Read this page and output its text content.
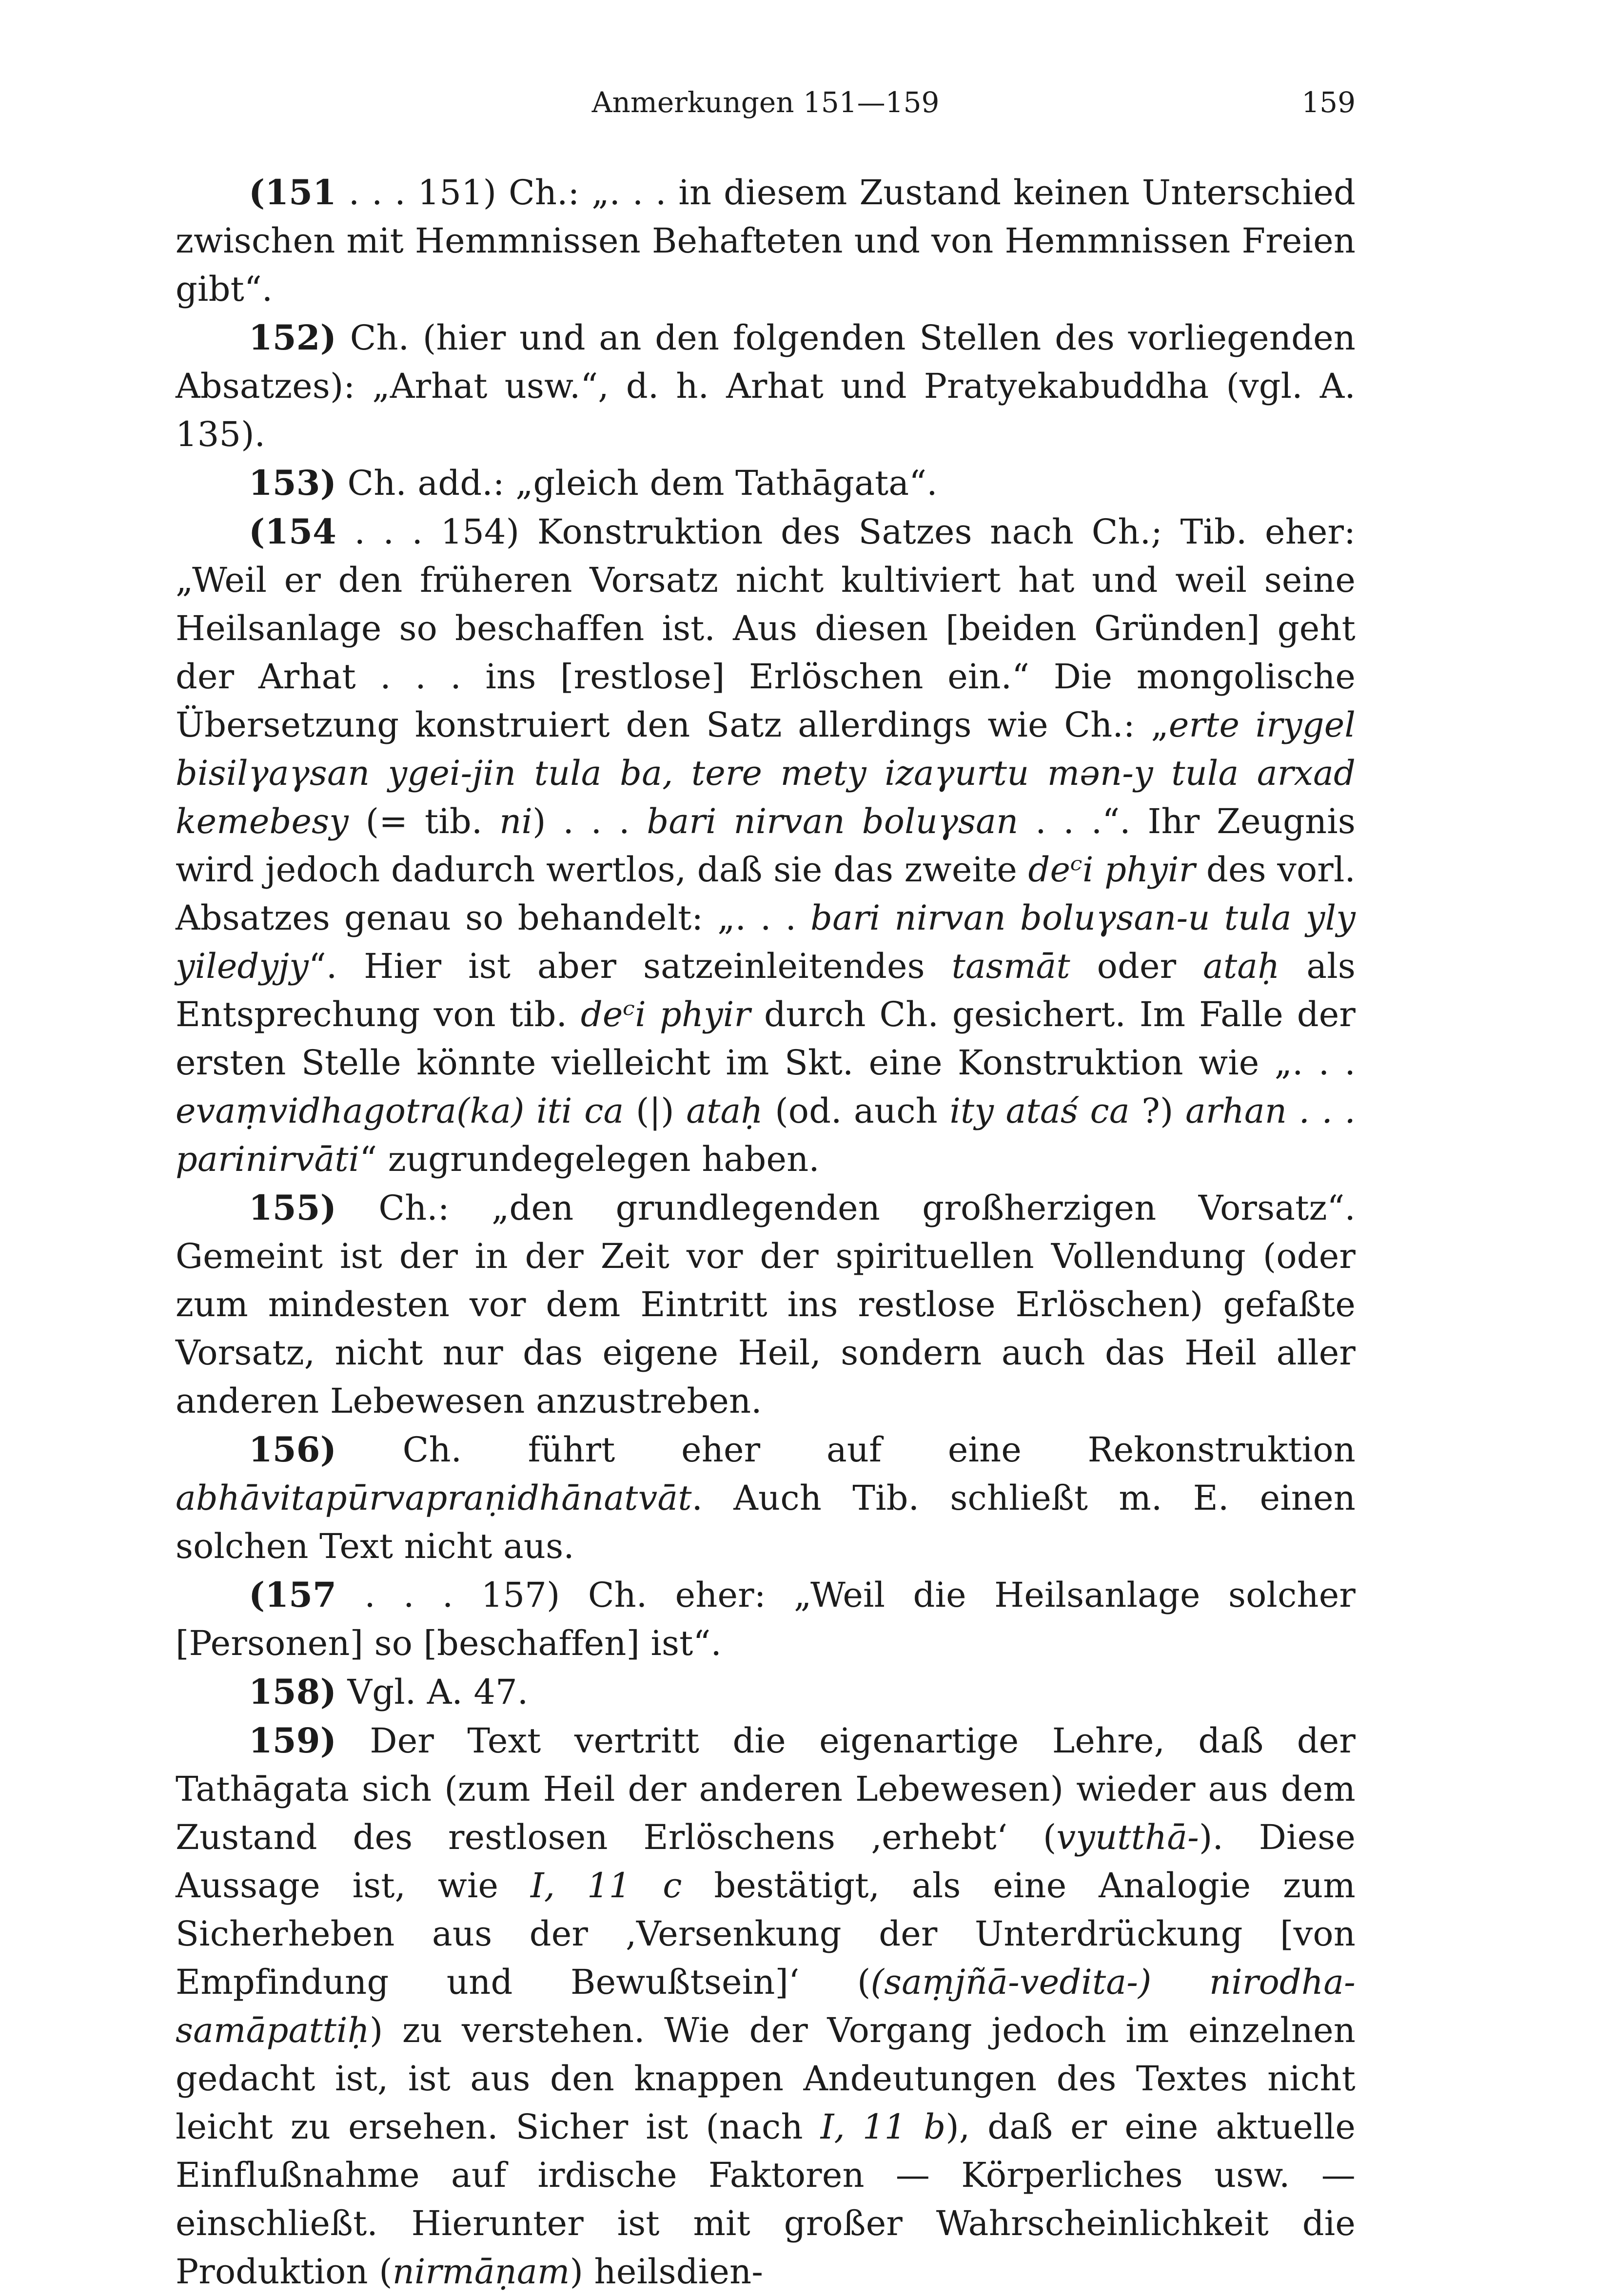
Anmerkungen 151—159	159

(151 . . . 151) Ch.: „. . . in diesem Zustand keinen Unterschied zwischen mit Hemmnissen Behafteten und von Hemmnissen Freien gibt“.

152) Ch. (hier und an den folgenden Stellen des vorliegenden Absatzes): „Arhat usw.“, d. h. Arhat und Pratyekabuddha (vgl. A. 135).

153) Ch. add.: „gleich dem Tathāgata“.

(154 . . . 154) Konstruktion des Satzes nach Ch.; Tib. eher: „Weil er den früheren Vorsatz nicht kultiviert hat und weil seine Heilsanlage so beschaffen ist. Aus diesen [beiden Gründen] geht der Arhat . . . ins [restlose] Erlöschen ein.“ Die mongolische Übersetzung konstruiert den Satz allerdings wie Ch.: „erte irygel bisilγaγsan ygei-jin tula ba, tere mety izaγurtu mən-y tula arxad kemebesy (= tib. ni) . . . bari nirvan boluγsan . . .“. Ihr Zeugnis wird jedoch dadurch wertlos, daß sie das zweite deᶜi phyir des vorl. Absatzes genau so behandelt: „. . . bari nirvan boluγsan-u tula yly yiledyjy“. Hier ist aber satzeinleitendes tasmāt oder ataḥ als Entsprechung von tib. deᶜi phyir durch Ch. gesichert. Im Falle der ersten Stelle könnte vielleicht im Skt. eine Konstruktion wie „. . . evaṃvidhagotra(ka) iti ca (|) ataḥ (od. auch ity ataś ca ?) arhan . . . parinirvāti“ zugrundegelegen haben.

155) Ch.: „den grundlegenden großherzigen Vorsatz“. Gemeint ist der in der Zeit vor der spirituellen Vollendung (oder zum mindesten vor dem Eintritt ins restlose Erlöschen) gefaßte Vorsatz, nicht nur das eigene Heil, sondern auch das Heil aller anderen Lebewesen anzustreben.

156) Ch. führt eher auf eine Rekonstruktion abhāvitapūrvapraṇidhānatvāt. Auch Tib. schließt m. E. einen solchen Text nicht aus.

(157 . . . 157) Ch. eher: „Weil die Heilsanlage solcher [Personen] so [beschaffen] ist“.

158) Vgl. A. 47.

159) Der Text vertritt die eigenartige Lehre, daß der Tathāgata sich (zum Heil der anderen Lebewesen) wieder aus dem Zustand des restlosen Erlöschens ‚erhebt‘ (vyutthā-). Diese Aussage ist, wie I, 11 c bestätigt, als eine Analogie zum Sicherheben aus der ‚Versenkung der Unterdrückung [von Empfindung und Bewußtsein]‘ ((saṃjñā-vedita-) nirodha-samāpattiḥ) zu verstehen. Wie der Vorgang jedoch im einzelnen gedacht ist, ist aus den knappen Andeutungen des Textes nicht leicht zu ersehen. Sicher ist (nach I, 11 b), daß er eine aktuelle Einflußnahme auf irdische Faktoren — Körperliches usw. — einschließt. Hierunter ist mit großer Wahrscheinlichkeit die Produktion (nirmāṇam) heilsdien-
